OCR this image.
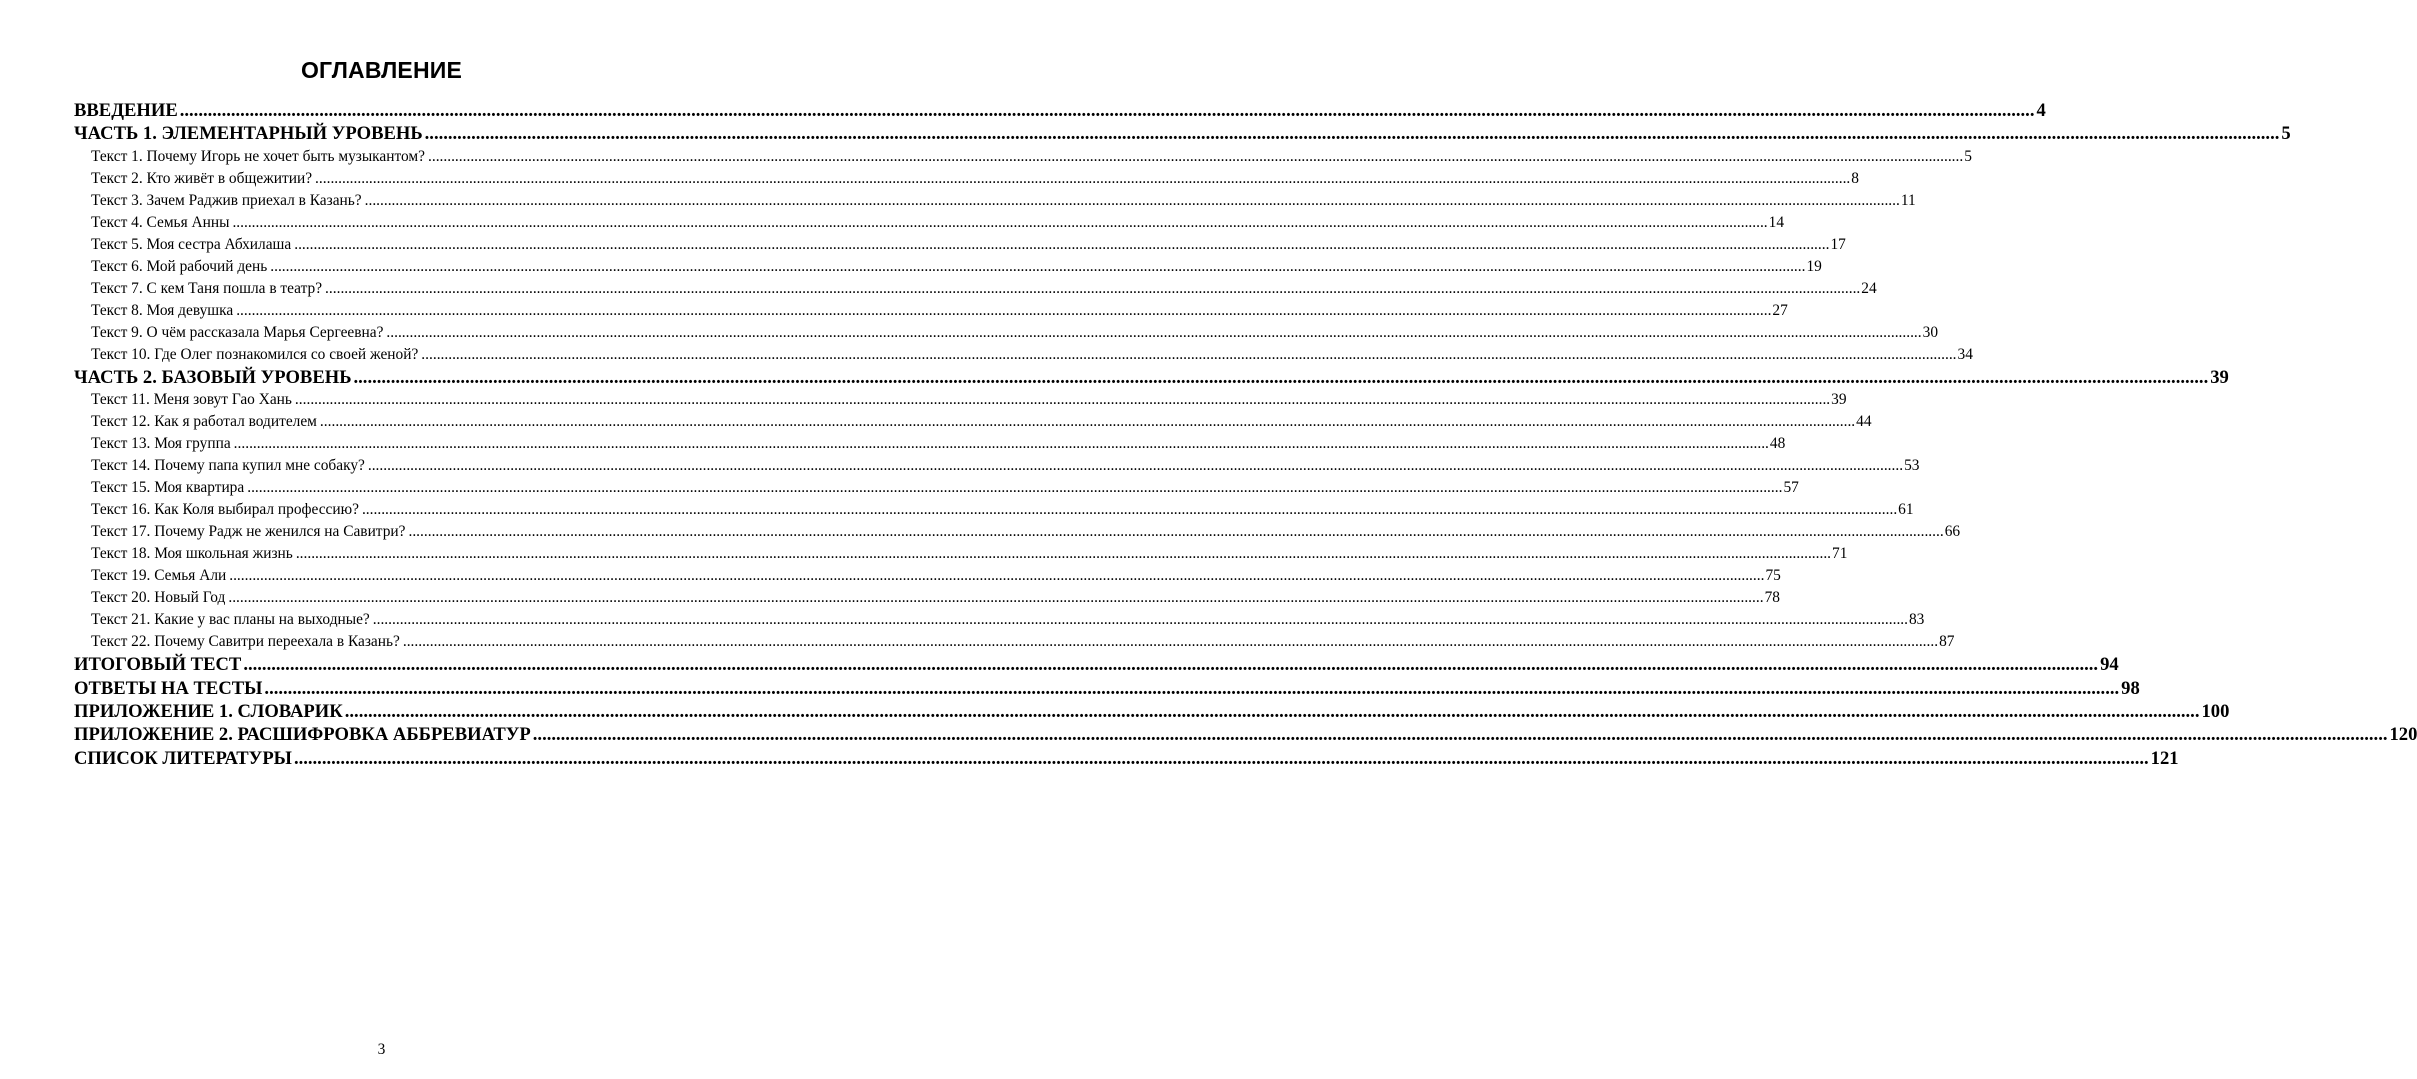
ОГЛАВЛЕНИЕ
ВВЕДЕНИЕ ............................................................................................................................................................................................................................................................................................................................................................................................................... 4
ЧАСТЬ 1. ЭЛЕМЕНТАРНЫЙ УРОВЕНЬ ............................................................................................................................................................................................................................................................................................................................................................................................................... 5
Текст 1. Почему Игорь не хочет быть музыкантом? ............................................................................................................................................................................................................................................................................................................................................................................................................... 5
Текст 2. Кто живёт в общежитии? ............................................................................................................................................................................................................................................................................................................................................................................................................... 8
Текст 3. Зачем Раджив приехал в Казань? ............................................................................................................................................................................................................................................................................................................................................................................................................... 11
Текст 4. Семья Анны ............................................................................................................................................................................................................................................................................................................................................................................................................... 14
Текст 5. Моя сестра Абхилаша ............................................................................................................................................................................................................................................................................................................................................................................................................... 17
Текст 6. Мой рабочий день ............................................................................................................................................................................................................................................................................................................................................................................................................... 19
Текст 7. С кем Таня пошла в театр? ............................................................................................................................................................................................................................................................................................................................................................................................................... 24
Текст 8. Моя девушка ............................................................................................................................................................................................................................................................................................................................................................................................................... 27
Текст 9. О чём рассказала Марья Сергеевна? ............................................................................................................................................................................................................................................................................................................................................................................................................... 30
Текст 10. Где Олег познакомился со своей женой? ............................................................................................................................................................................................................................................................................................................................................................................................................... 34
ЧАСТЬ 2. БАЗОВЫЙ УРОВЕНЬ ............................................................................................................................................................................................................................................................................................................................................................................................................... 39
Текст 11. Меня зовут Гао Хань ............................................................................................................................................................................................................................................................................................................................................................................................................... 39
Текст 12. Как я работал водителем ............................................................................................................................................................................................................................................................................................................................................................................................................... 44
Текст 13. Моя группа ............................................................................................................................................................................................................................................................................................................................................................................................................... 48
Текст 14. Почему папа купил мне собаку? ............................................................................................................................................................................................................................................................................................................................................................................................................... 53
Текст 15. Моя квартира ............................................................................................................................................................................................................................................................................................................................................................................................................... 57
Текст 16. Как Коля выбирал профессию? ............................................................................................................................................................................................................................................................................................................................................................................................................... 61
Текст 17. Почему Радж не женился на Савитри? ............................................................................................................................................................................................................................................................................................................................................................................................................... 66
Текст 18. Моя школьная жизнь ............................................................................................................................................................................................................................................................................................................................................................................................................... 71
Текст 19. Семья Али ............................................................................................................................................................................................................................................................................................................................................................................................................... 75
Текст 20. Новый Год ............................................................................................................................................................................................................................................................................................................................................................................................................... 78
Текст 21. Какие у вас планы на выходные? ............................................................................................................................................................................................................................................................................................................................................................................................................... 83
Текст 22. Почему Савитри переехала в Казань? ............................................................................................................................................................................................................................................................................................................................................................................................................... 87
ИТОГОВЫЙ ТЕСТ ............................................................................................................................................................................................................................................................................................................................................................................................................... 94
ОТВЕТЫ НА ТЕСТЫ ............................................................................................................................................................................................................................................................................................................................................................................................................... 98
ПРИЛОЖЕНИЕ 1. СЛОВАРИК ............................................................................................................................................................................................................................................................................................................................................................................................................... 100
ПРИЛОЖЕНИЕ 2. РАСШИФРОВКА АББРЕВИАТУР ............................................................................................................................................................................................................................................................................................................................................................................................................... 120
СПИСОК ЛИТЕРАТУРЫ ............................................................................................................................................................................................................................................................................................................................................................................................................... 121
3
